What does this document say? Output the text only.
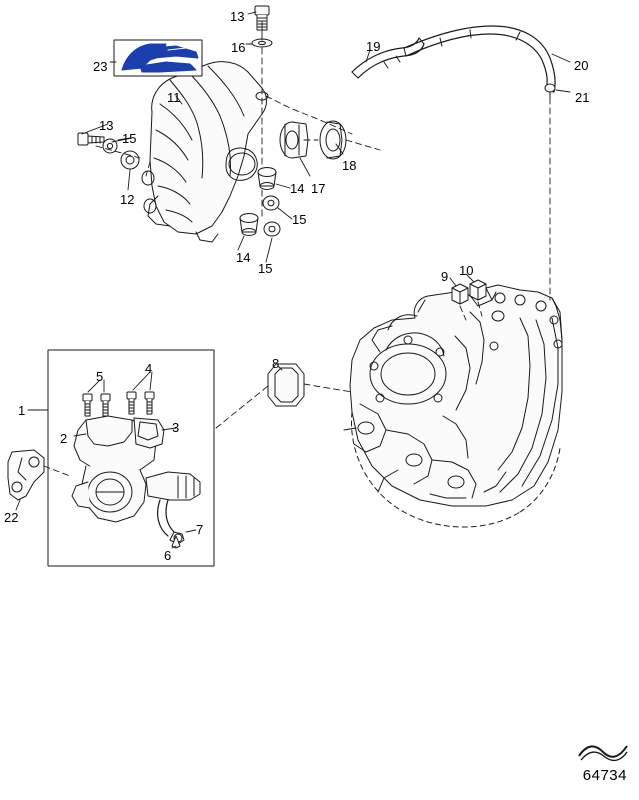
1
2
3
4
5
6
7
8
9 10
11
12
13
13
14
14
15
15
15
16
17
18
19
20
21
22
23
64734
